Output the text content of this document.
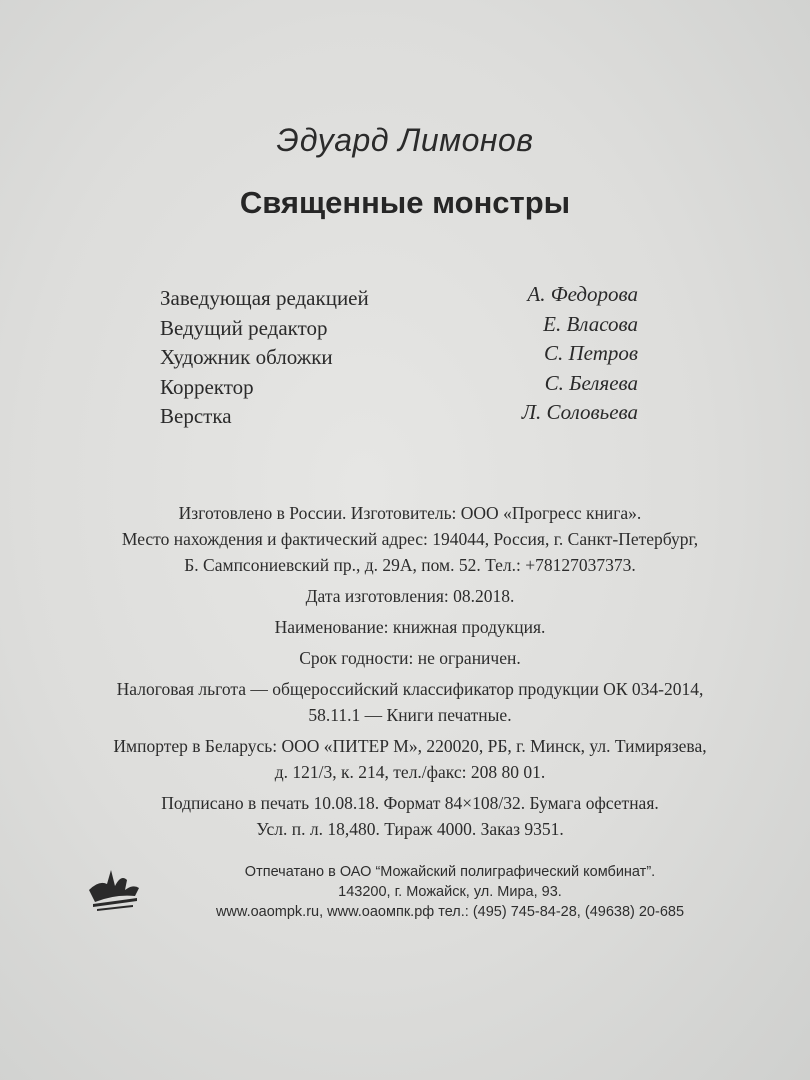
Эдуард Лимонов
Священные монстры
Заведующая редакцией	А. Федорова
Ведущий редактор	Е. Власова
Художник обложки	С. Петров
Корректор	С. Беляева
Верстка	Л. Соловьева

Изготовлено в России. Изготовитель: ООО «Прогресс книга».

Место нахождения и фактический адрес: 194044, Россия, г. Санкт-Петербург,

Б. Сампсониевский пр., д. 29А, пом. 52. Тел.: +78127037373.

Дата изготовления: 08.2018.

Наименование: книжная продукция.

Срок годности: не ограничен.

Налоговая льгота — общероссийский классификатор продукции ОК 034-2014,

58.11.1 — Книги печатные.

Импортер в Беларусь: ООО «ПИТЕР М», 220020, РБ, г. Минск, ул. Тимирязева,

д. 121/3, к. 214, тел./факс: 208 80 01.

Подписано в печать 10.08.18. Формат 84×108/32. Бумага офсетная.

Усл. п. л. 18,480. Тираж 4000. Заказ 9351.

Отпечатано в ОАО “Можайский полиграфический комбинат”.
143200, г. Можайск, ул. Мира, 93.
www.oaompk.ru, www.оаомпк.рф тел.: (495) 745-84-28, (49638) 20-685
